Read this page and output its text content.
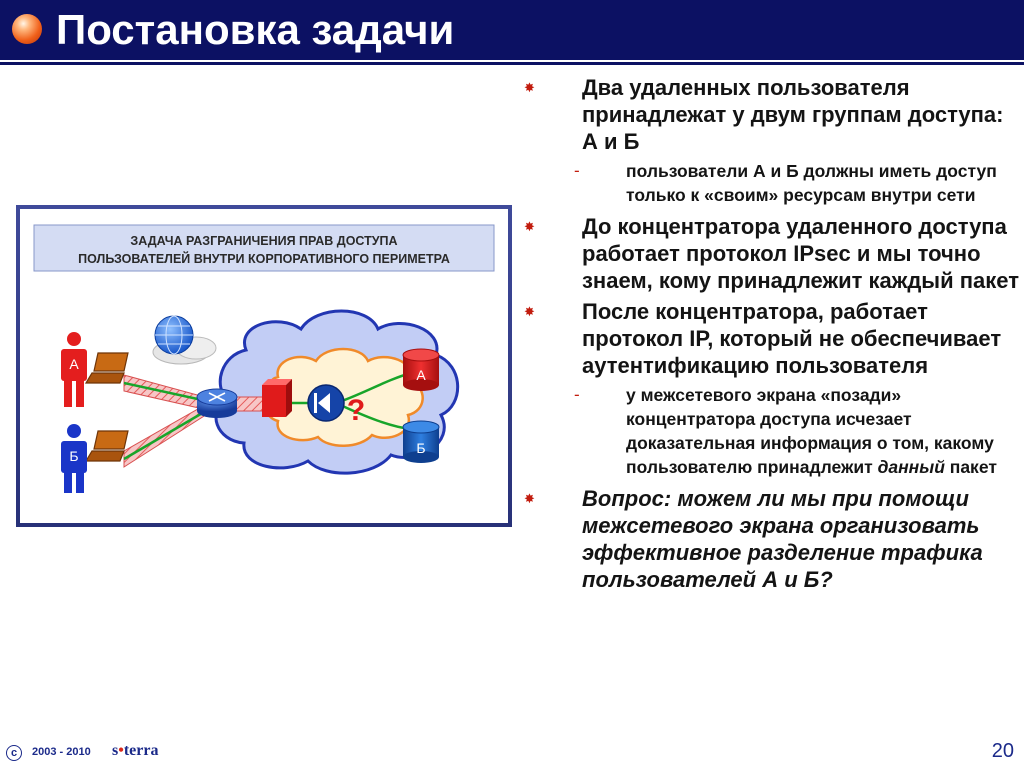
Постановка задачи
ЗАДАЧА РАЗГРАНИЧЕНИЯ ПРАВ ДОСТУПА
ПОЛЬЗОВАТЕЛЕЙ ВНУТРИ КОРПОРАТИВНОГО ПЕРИМЕТРА
?
А
Б
А
Б
✸ Два удаленных пользователя принадлежат у двум группам доступа: А и Б
-	пользователи А и Б должны иметь доступ только к «своим» ресурсам внутри сети
✸ До концентратора удаленного доступа работает протокол IPsec и мы точно знаем, кому принадлежит каждый пакет
✸ После концентратора, работает протокол IP, который не обеспечивает аутентификацию пользователя
-	у межсетевого экрана «позади» концентратора доступа исчезает доказательная информация о том, какому пользователю принадлежит данный пакет
✸ Вопрос: можем ли мы при помощи межсетевого экрана организовать эффективное разделение трафика пользователей А и Б?
c	2003 - 2010 s•terra	20
